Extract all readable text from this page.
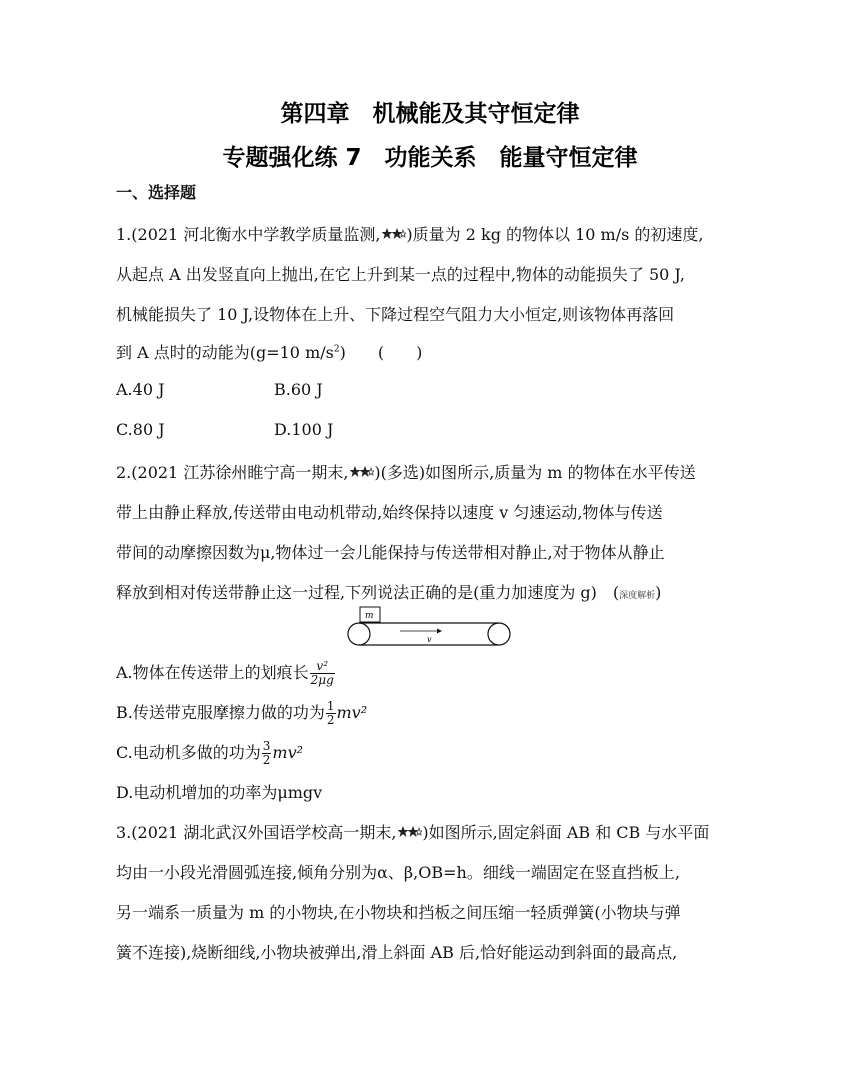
第四章　机械能及其守恒定律
专题强化练 7　功能关系　能量守恒定律
一、选择题
1.(2021 河北衡水中学教学质量监测, )质量为 2 kg 的物体以 10 m/s 的初速度,
从起点 A 出发竖直向上抛出,在它上升到某一点的过程中,物体的动能损失了 50 J,
机械能损失了 10 J,设物体在上升、下降过程空气阻力大小恒定,则该物体再落回
到 A 点时的动能为(g=10 $m/s^2$)　　(　　)
A.40 J	B.60 J
C.80 J	D.100 J
2.(2021 江苏徐州睢宁高一期末, )(多选)如图所示,质量为 m 的物体在水平传送
带上由静止释放,传送带由电动机带动,始终保持以速度 v 匀速运动,物体与传送
带间的动摩擦因数为μ,物体过一会儿能保持与传送带相对静止,对于物体从静止
释放到相对传送带静止这一过程,下列说法正确的是(重力加速度为 g)　(深度解析)
m
v
A.物体在传送带上的划痕长 $\frac{\text{v²}}{2\mu g}$
B.传送带克服摩擦力做的功为 $\frac{1}{2} mv^2$
C.电动机多做的功为 $\frac{3}{2} mv^2$
D.电动机增加的功率为μmgv
3.(2021 湖北武汉外国语学校高一期末, )如图所示,固定斜面 AB 和 CB 与水平面
均由一小段光滑圆弧连接,倾角分别为α、β,OB=h。细线一端固定在竖直挡板上,
另一端系一质量为 m 的小物块,在小物块和挡板之间压缩一轻质弹簧(小物块与弹
簧不连接),烧断细线,小物块被弹出,滑上斜面 AB 后,恰好能运动到斜面的最高点,
